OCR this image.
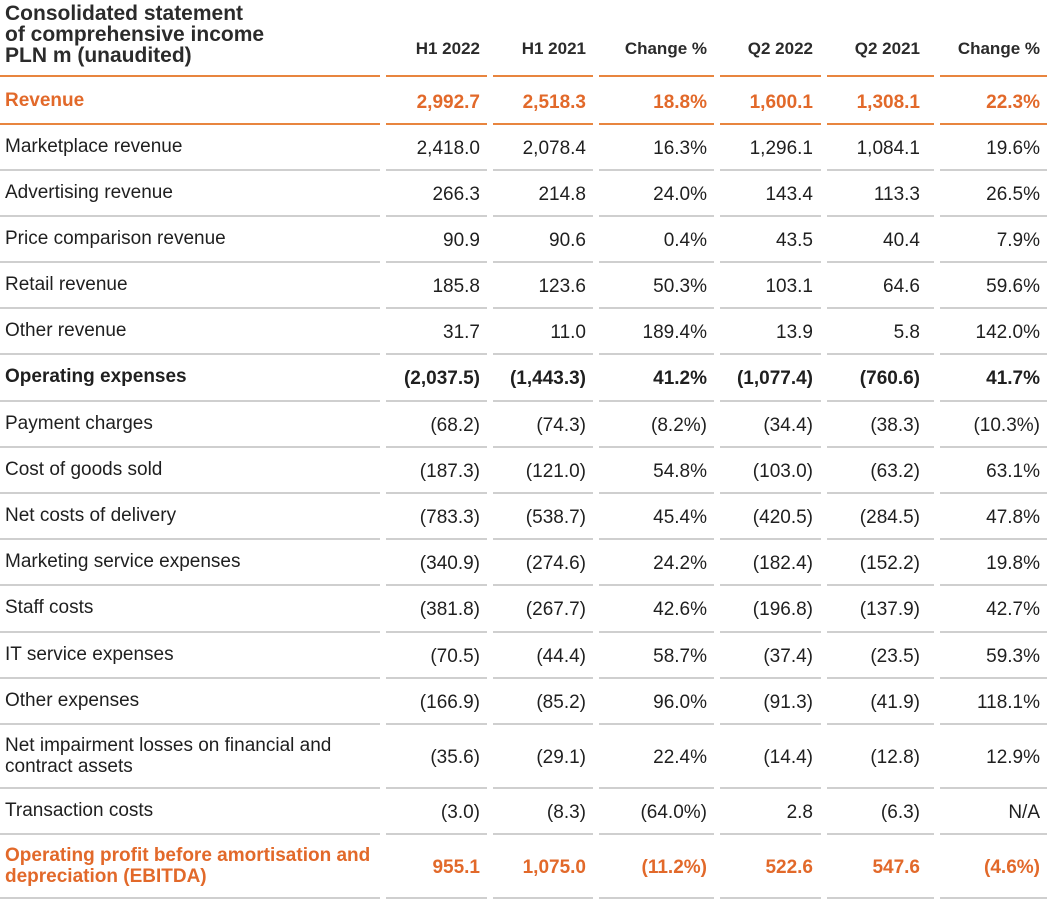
Consolidated statement
of comprehensive income
PLN m (unaudited)	H1 2022	H1 2021	Change %	Q2 2022	Q2 2021	Change %
Revenue	2,992.7	2,518.3	18.8%	1,600.1	1,308.1	22.3%
Marketplace revenue	2,418.0	2,078.4	16.3%	1,296.1	1,084.1	19.6%
Advertising revenue	266.3	214.8	24.0%	143.4	113.3	26.5%
Price comparison revenue	90.9	90.6	0.4%	43.5	40.4	7.9%
Retail revenue	185.8	123.6	50.3%	103.1	64.6	59.6%
Other revenue	31.7	11.0	189.4%	13.9	5.8	142.0%
Operating expenses	(2,037.5)	(1,443.3)	41.2%	(1,077.4)	(760.6)	41.7%
Payment charges	(68.2)	(74.3)	(8.2%)	(34.4)	(38.3)	(10.3%)
Cost of goods sold	(187.3)	(121.0)	54.8%	(103.0)	(63.2)	63.1%
Net costs of delivery	(783.3)	(538.7)	45.4%	(420.5)	(284.5)	47.8%
Marketing service expenses	(340.9)	(274.6)	24.2%	(182.4)	(152.2)	19.8%
Staff costs	(381.8)	(267.7)	42.6%	(196.8)	(137.9)	42.7%
IT service expenses	(70.5)	(44.4)	58.7%	(37.4)	(23.5)	59.3%
Other expenses	(166.9)	(85.2)	96.0%	(91.3)	(41.9)	118.1%
Net impairment losses on financial and contract assets	(35.6)	(29.1)	22.4%	(14.4)	(12.8)	12.9%
Transaction costs	(3.0)	(8.3)	(64.0%)	2.8	(6.3)	N/A
Operating profit before amortisation and depreciation (EBITDA)	955.1	1,075.0	(11.2%)	522.6	547.6	(4.6%)
